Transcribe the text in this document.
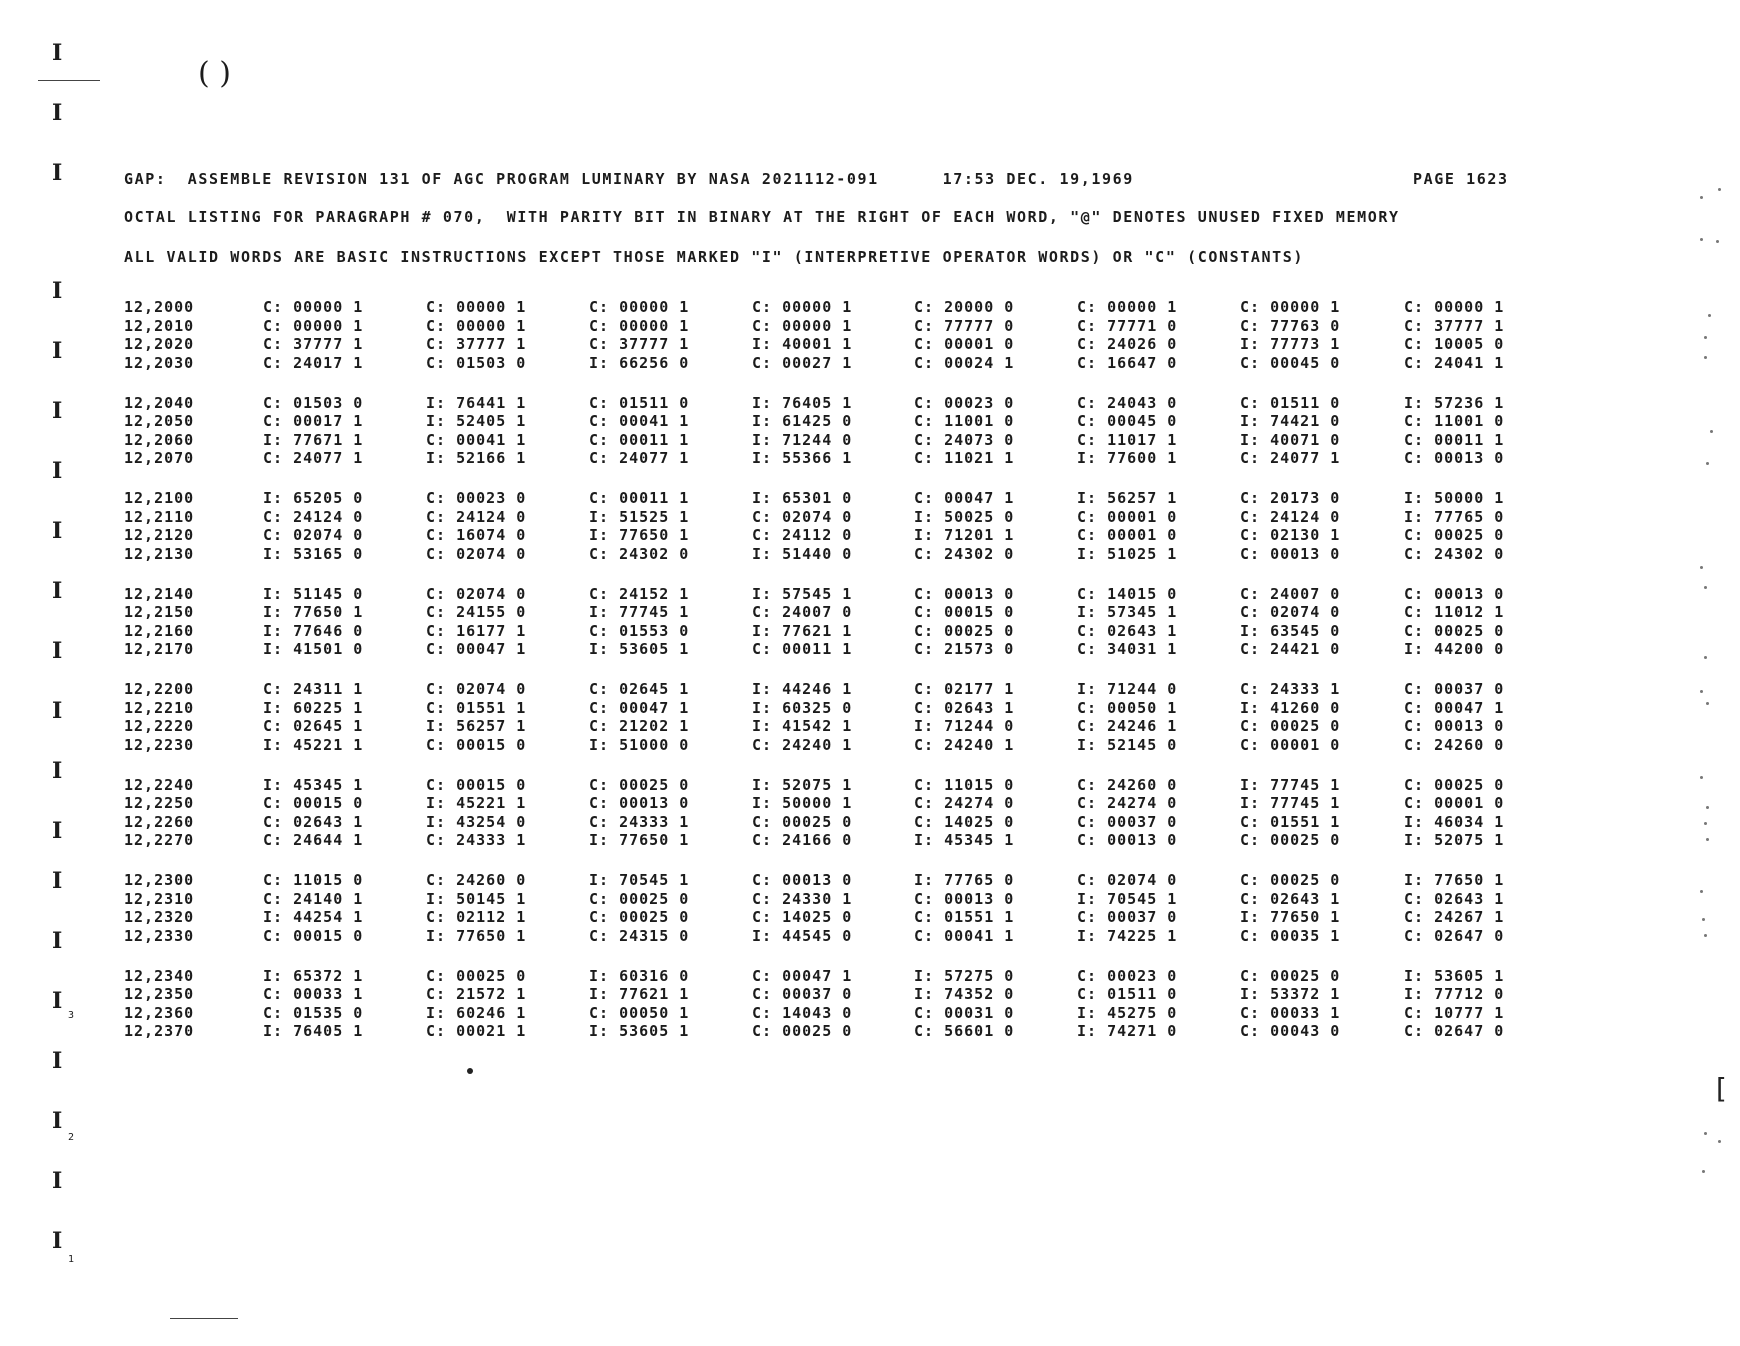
I
I
I
I
I
I
I
I
I
I
I
I
I
I
I
I
I
I
I
I
( )
3
2
1
GAP:  ASSEMBLE REVISION 131 OF AGC PROGRAM LUMINARY BY NASA 2021112-091      17:53 DEC. 19,1969	PAGE 1623
OCTAL LISTING FOR PARAGRAPH # 070,  WITH PARITY BIT IN BINARY AT THE RIGHT OF EACH WORD, "@" DENOTES UNUSED FIXED MEMORY
ALL VALID WORDS ARE BASIC INSTRUCTIONS EXCEPT THOSE MARKED "I" (INTERPRETIVE OPERATOR WORDS) OR "C" (CONSTANTS)
12,2000	C: 00000 1	C: 00000 1	C: 00000 1	C: 00000 1	C: 20000 0	C: 00000 1	C: 00000 1	C: 00000 1
12,2010	C: 00000 1	C: 00000 1	C: 00000 1	C: 00000 1	C: 77777 0	C: 77771 0	C: 77763 0	C: 37777 1
12,2020	C: 37777 1	C: 37777 1	C: 37777 1	I: 40001 1	C: 00001 0	C: 24026 0	I: 77773 1	C: 10005 0
12,2030	C: 24017 1	C: 01503 0	I: 66256 0	C: 00027 1	C: 00024 1	C: 16647 0	C: 00045 0	C: 24041 1
12,2040	C: 01503 0	I: 76441 1	C: 01511 0	I: 76405 1	C: 00023 0	C: 24043 0	C: 01511 0	I: 57236 1
12,2050	C: 00017 1	I: 52405 1	C: 00041 1	I: 61425 0	C: 11001 0	C: 00045 0	I: 74421 0	C: 11001 0
12,2060	I: 77671 1	C: 00041 1	C: 00011 1	I: 71244 0	C: 24073 0	C: 11017 1	I: 40071 0	C: 00011 1
12,2070	C: 24077 1	I: 52166 1	C: 24077 1	I: 55366 1	C: 11021 1	I: 77600 1	C: 24077 1	C: 00013 0
12,2100	I: 65205 0	C: 00023 0	C: 00011 1	I: 65301 0	C: 00047 1	I: 56257 1	C: 20173 0	I: 50000 1
12,2110	C: 24124 0	C: 24124 0	I: 51525 1	C: 02074 0	I: 50025 0	C: 00001 0	C: 24124 0	I: 77765 0
12,2120	C: 02074 0	C: 16074 0	I: 77650 1	C: 24112 0	I: 71201 1	C: 00001 0	C: 02130 1	C: 00025 0
12,2130	I: 53165 0	C: 02074 0	C: 24302 0	I: 51440 0	C: 24302 0	I: 51025 1	C: 00013 0	C: 24302 0
12,2140	I: 51145 0	C: 02074 0	C: 24152 1	I: 57545 1	C: 00013 0	C: 14015 0	C: 24007 0	C: 00013 0
12,2150	I: 77650 1	C: 24155 0	I: 77745 1	C: 24007 0	C: 00015 0	I: 57345 1	C: 02074 0	C: 11012 1
12,2160	I: 77646 0	C: 16177 1	C: 01553 0	I: 77621 1	C: 00025 0	C: 02643 1	I: 63545 0	C: 00025 0
12,2170	I: 41501 0	C: 00047 1	I: 53605 1	C: 00011 1	C: 21573 0	C: 34031 1	C: 24421 0	I: 44200 0
12,2200	C: 24311 1	C: 02074 0	C: 02645 1	I: 44246 1	C: 02177 1	I: 71244 0	C: 24333 1	C: 00037 0
12,2210	I: 60225 1	C: 01551 1	C: 00047 1	I: 60325 0	C: 02643 1	C: 00050 1	I: 41260 0	C: 00047 1
12,2220	C: 02645 1	I: 56257 1	C: 21202 1	I: 41542 1	I: 71244 0	C: 24246 1	C: 00025 0	C: 00013 0
12,2230	I: 45221 1	C: 00015 0	I: 51000 0	C: 24240 1	C: 24240 1	I: 52145 0	C: 00001 0	C: 24260 0
12,2240	I: 45345 1	C: 00015 0	C: 00025 0	I: 52075 1	C: 11015 0	C: 24260 0	I: 77745 1	C: 00025 0
12,2250	C: 00015 0	I: 45221 1	C: 00013 0	I: 50000 1	C: 24274 0	C: 24274 0	I: 77745 1	C: 00001 0
12,2260	C: 02643 1	I: 43254 0	C: 24333 1	C: 00025 0	C: 14025 0	C: 00037 0	C: 01551 1	I: 46034 1
12,2270	C: 24644 1	C: 24333 1	I: 77650 1	C: 24166 0	I: 45345 1	C: 00013 0	C: 00025 0	I: 52075 1
12,2300	C: 11015 0	C: 24260 0	I: 70545 1	C: 00013 0	I: 77765 0	C: 02074 0	C: 00025 0	I: 77650 1
12,2310	C: 24140 1	I: 50145 1	C: 00025 0	C: 24330 1	C: 00013 0	I: 70545 1	C: 02643 1	C: 02643 1
12,2320	I: 44254 1	C: 02112 1	C: 00025 0	C: 14025 0	C: 01551 1	C: 00037 0	I: 77650 1	C: 24267 1
12,2330	C: 00015 0	I: 77650 1	C: 24315 0	I: 44545 0	C: 00041 1	I: 74225 1	C: 00035 1	C: 02647 0
12,2340	I: 65372 1	C: 00025 0	I: 60316 0	C: 00047 1	I: 57275 0	C: 00023 0	C: 00025 0	I: 53605 1
12,2350	C: 00033 1	C: 21572 1	I: 77621 1	C: 00037 0	I: 74352 0	C: 01511 0	I: 53372 1	I: 77712 0
12,2360	C: 01535 0	I: 60246 1	C: 00050 1	C: 14043 0	C: 00031 0	I: 45275 0	C: 00033 1	C: 10777 1
12,2370	I: 76405 1	C: 00021 1	I: 53605 1	C: 00025 0	C: 56601 0	I: 74271 0	C: 00043 0	C: 02647 0
[
